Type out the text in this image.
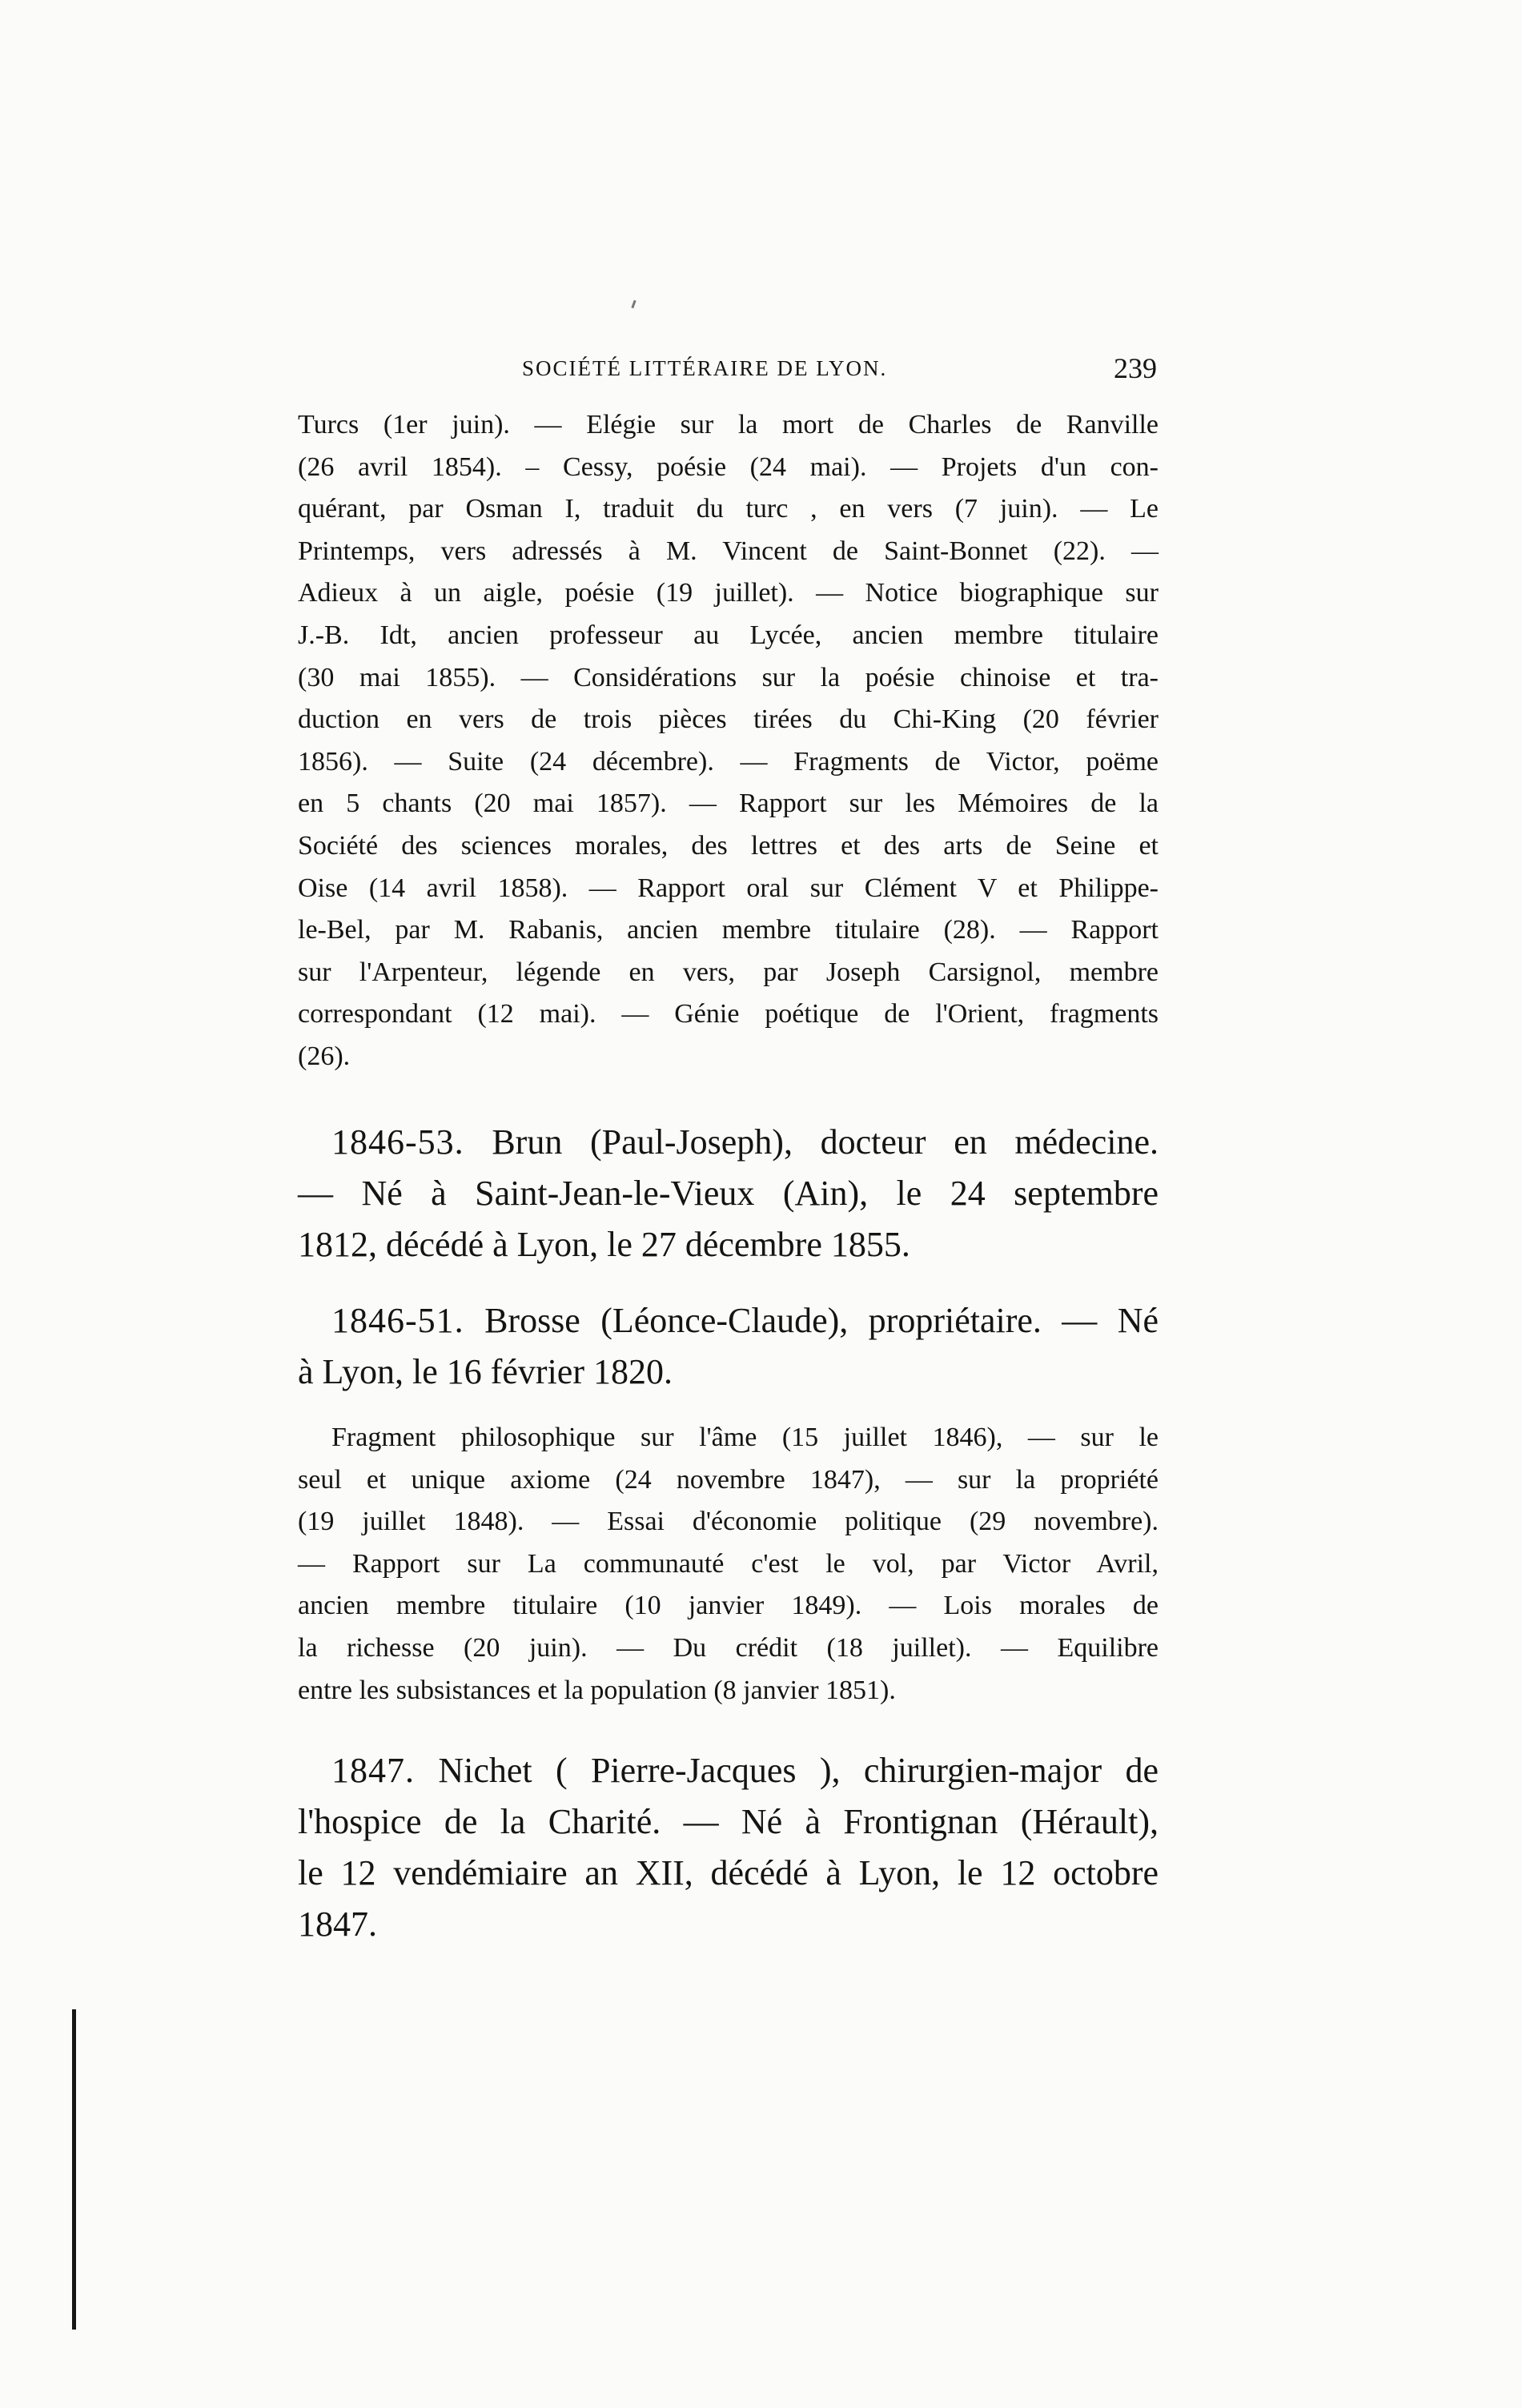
SOCIÉTÉ LITTÉRAIRE DE LYON.	239
Turcs (1er juin). — Elégie sur la mort de Charles de Ranville
(26 avril 1854). – Cessy, poésie (24 mai). — Projets d'un con-
quérant, par Osman I, traduit du turc , en vers (7 juin). — Le
Printemps, vers adressés à M. Vincent de Saint-Bonnet (22). —
Adieux à un aigle, poésie (19 juillet). — Notice biographique sur
J.-B. Idt, ancien professeur au Lycée, ancien membre titulaire
(30 mai 1855). — Considérations sur la poésie chinoise et tra-
duction en vers de trois pièces tirées du Chi-King (20 février
1856). — Suite (24 décembre). — Fragments de Victor, poëme
en 5 chants (20 mai 1857). — Rapport sur les Mémoires de la
Société des sciences morales, des lettres et des arts de Seine et
Oise (14 avril 1858). — Rapport oral sur Clément V et Philippe-
le-Bel, par M. Rabanis, ancien membre titulaire (28). — Rapport
sur l'Arpenteur, légende en vers, par Joseph Carsignol, membre
correspondant (12 mai). — Génie poétique de l'Orient, fragments
(26).
1846-53. Brun (Paul-Joseph), docteur en médecine.
— Né à Saint-Jean-le-Vieux (Ain), le 24 septembre
1812, décédé à Lyon, le 27 décembre 1855.
1846-51. Brosse (Léonce-Claude), propriétaire. — Né
à Lyon, le 16 février 1820.
Fragment philosophique sur l'âme (15 juillet 1846), — sur le
seul et unique axiome (24 novembre 1847), — sur la propriété
(19 juillet 1848). — Essai d'économie politique (29 novembre).
— Rapport sur La communauté c'est le vol, par Victor Avril,
ancien membre titulaire (10 janvier 1849). — Lois morales de
la richesse (20 juin). — Du crédit (18 juillet). — Equilibre
entre les subsistances et la population (8 janvier 1851).
1847. Nichet ( Pierre-Jacques ), chirurgien-major de
l'hospice de la Charité. — Né à Frontignan (Hérault),
le 12 vendémiaire an XII, décédé à Lyon, le 12 octobre
1847.
